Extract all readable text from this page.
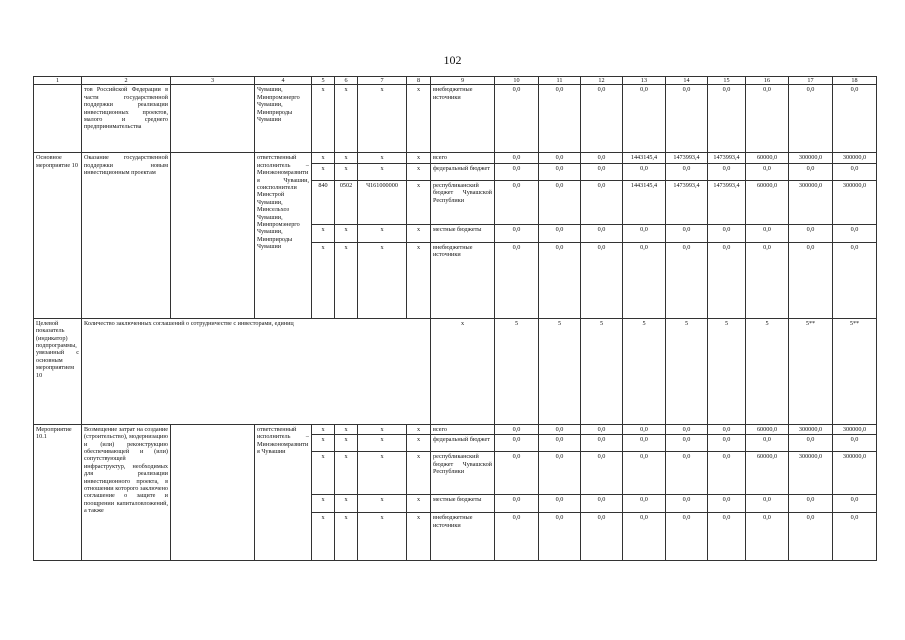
102
1	2	3	4	5	6	7	8	9	10	11	12	13	14	15	16	17	18
	тов Российской Федерации в части государственной поддержки реализации инвестиционных проектов, малого и среднего предпринимательства		Чувашии, Минпромэнерго Чувашии, Минприроды Чувашии	x	x	x	x	внебюджетные источники	0,0	0,0	0,0	0,0	0,0	0,0	0,0	0,0	0,0
Основное мероприятие 10	Оказание государственной поддержки новым инвестиционным проектам		ответственный исполнитель – Минэкономразвития Чувашии, соисполнители Минстрой Чувашии, Минсельхоз Чувашии, Минпромэнерго Чувашии, Минприроды Чувашии	x	x	x	x	всего	0,0	0,0	0,0	1443145,4	1473993,4	1473993,4	60000,0	300000,0	300000,0
				x	x	x	x	федеральный бюджет	0,0	0,0	0,0	0,0	0,0	0,0	0,0	0,0	0,0
				840	0502	Ч161000000	x	республиканский бюджет Чувашской Республики	0,0	0,0	0,0	1443145,4	1473993,4	1473993,4	60000,0	300000,0	300000,0
				x	x	x	x	местные бюджеты	0,0	0,0	0,0	0,0	0,0	0,0	0,0	0,0	0,0
				x	x	x	x	внебюджетные источники	0,0	0,0	0,0	0,0	0,0	0,0	0,0	0,0	0,0
Целевой показатель (индикатор) подпрограммы, увязанный с основным мероприятием 10	Количество заключенных соглашений о сотрудничестве с инвесторами, единиц							x	5	5	5	5	5	5	5	5**	5**
Мероприятие 10.1	Возмещение затрат на создание (строительство), модернизацию и (или) реконструкцию обеспечивающей и (или) сопутствующей инфраструктур, необходимых для реализации инвестиционного проекта, в отношении которого заключено соглашение о защите и поощрении капиталовложений, а также		ответственный исполнитель – Минэкономразвития Чувашии	x	x	x	x	всего	0,0	0,0	0,0	0,0	0,0	0,0	60000,0	300000,0	300000,0
				x	x	x	x	федеральный бюджет	0,0	0,0	0,0	0,0	0,0	0,0	0,0	0,0	0,0
				x	x	x	x	республиканский бюджет Чувашской Республики	0,0	0,0	0,0	0,0	0,0	0,0	60000,0	300000,0	300000,0
				x	x	x	x	местные бюджеты	0,0	0,0	0,0	0,0	0,0	0,0	0,0	0,0	0,0
				x	x	x	x	внебюджетные источники	0,0	0,0	0,0	0,0	0,0	0,0	0,0	0,0	0,0
